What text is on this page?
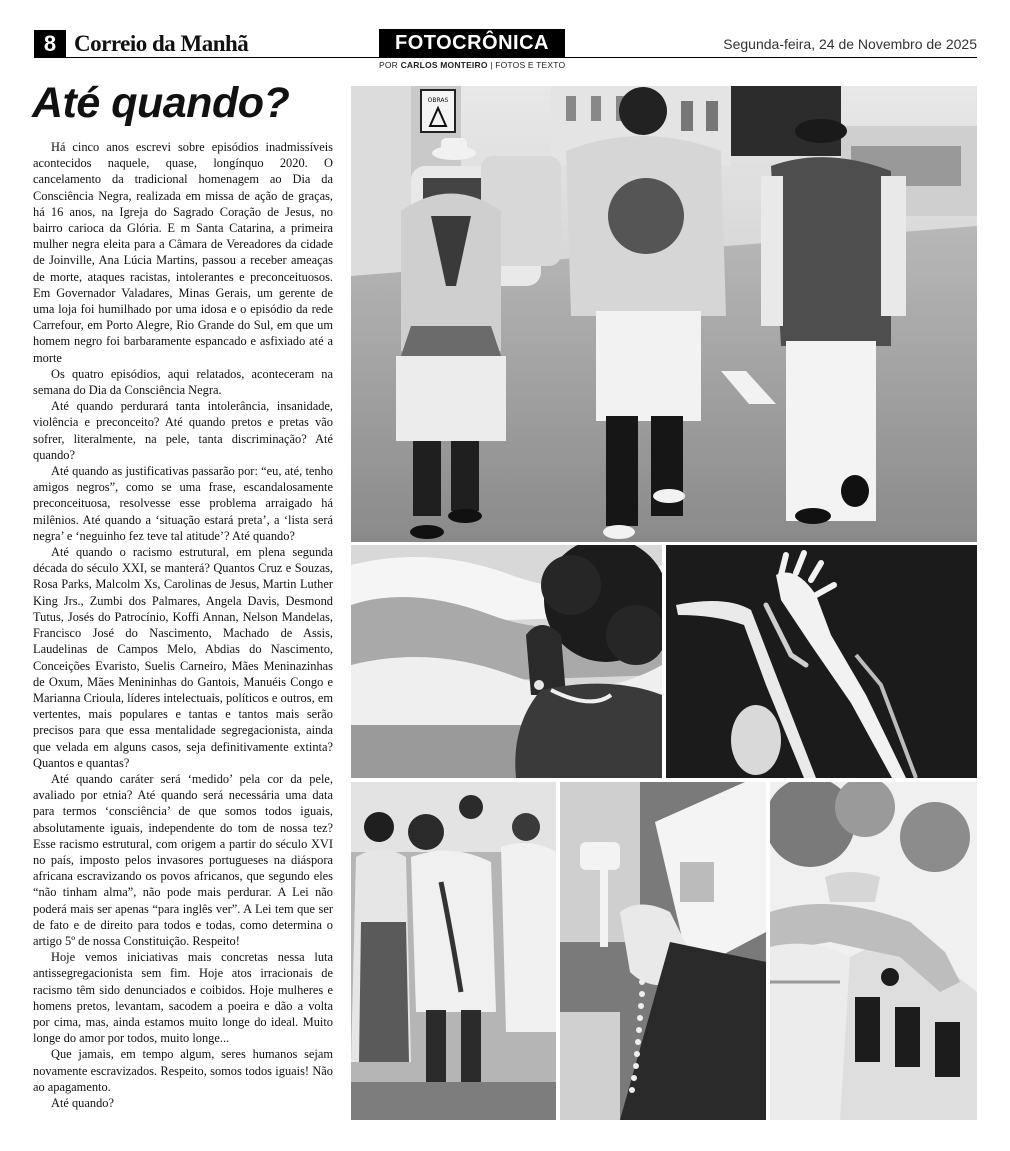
8 Correio da Manhã	FOTOCRÔNICA
POR CARLOS MONTEIRO | FOTOS E TEXTO
Segunda-feira, 24 de Novembro de 2025
Até quando?

Há cinco anos escrevi sobre episódios inadmissíveis acontecidos naquele, quase, longínquo 2020. O cancelamento da tradicional homenagem ao Dia da Consciência Negra, realizada em missa de ação de graças, há 16 anos, na Igreja do Sagrado Coração de Jesus, no bairro carioca da Glória. E m Santa Catarina, a primeira mulher negra eleita para a Câmara de Vereadores da cidade de Joinville, Ana Lúcia Martins, passou a receber ameaças de morte, ataques racistas, intolerantes e preconceituosos. Em Governador Valadares, Minas Gerais, um gerente de uma loja foi humilhado por uma idosa e o episódio da rede Carrefour, em Porto Alegre, Rio Grande do Sul, em que um homem negro foi barbaramente espancado e asfixiado até a morte

Os quatro episódios, aqui relatados, aconteceram na semana do Dia da Consciência Negra.

Até quando perdurará tanta intolerância, insanidade, violência e preconceito? Até quando pretos e pretas vão sofrer, literalmente, na pele, tanta discriminação? Até quando?

Até quando as justificativas passarão por: “eu, até, tenho amigos negros”, como se uma frase, escandalosamente preconceituosa, resolvesse esse problema arraigado há milênios. Até quando a ‘situação estará preta’, a ‘lista será negra’ e ‘neguinho fez teve tal atitude’? Até quando?

Até quando o racismo estrutural, em plena segunda década do século XXI, se manterá? Quantos Cruz e Souzas, Rosa Parks, Malcolm Xs, Carolinas de Jesus, Martin Luther King Jrs., Zumbi dos Palmares, Angela Davis, Desmond Tutus, Josés do Patrocínio, Koffi Annan, Nelson Mandelas, Francisco José do Nascimento, Machado de Assis, Laudelinas de Campos Melo, Abdias do Nascimento, Conceições Evaristo, Suelis Carneiro, Mães Meninazinhas de Oxum, Mães Menininhas do Gantois, Manuéis Congo e Mariannа Crioula, líderes intelectuais, políticos e outros, em vertentes, mais populares e tantas e tantos mais serão precisos para que essa mentalidade segregacionista, ainda que velada em alguns casos, seja definitivamente extinta? Quantos e quantas?

Até quando caráter será ‘medido’ pela cor da pele, avaliado por etnia? Até quando será necessária uma data para termos ‘consciência’ de que somos todos iguais, absolutamente iguais, independente do tom de nossa tez? Esse racismo estrutural, com origem a partir do século XVI no país, imposto pelos invasores portugueses na diáspora africana escravizando os povos africanos, que segundo eles “não tinham alma”, não pode mais perdurar. A Lei não poderá mais ser apenas “para inglês ver”. A Lei tem que ser de fato e de direito para todos e todas, como determina o artigo 5º de nossa Constituição. Respeito!

Hoje vemos iniciativas mais concretas nessa luta antissegregacionista sem fim. Hoje atos irracionais de racismo têm sido denunciados e coibidos. Hoje mulheres e homens pretos, levantam, sacodem a poeira e dão a volta por cima, mas, ainda estamos muito longe do ideal. Muito longe do amor por todos, muito longe...

Que jamais, em tempo algum, seres humanos sejam novamente escravizados. Respeito, somos todos iguais! Não ao apagamento.

Até quando?

OBRAS
